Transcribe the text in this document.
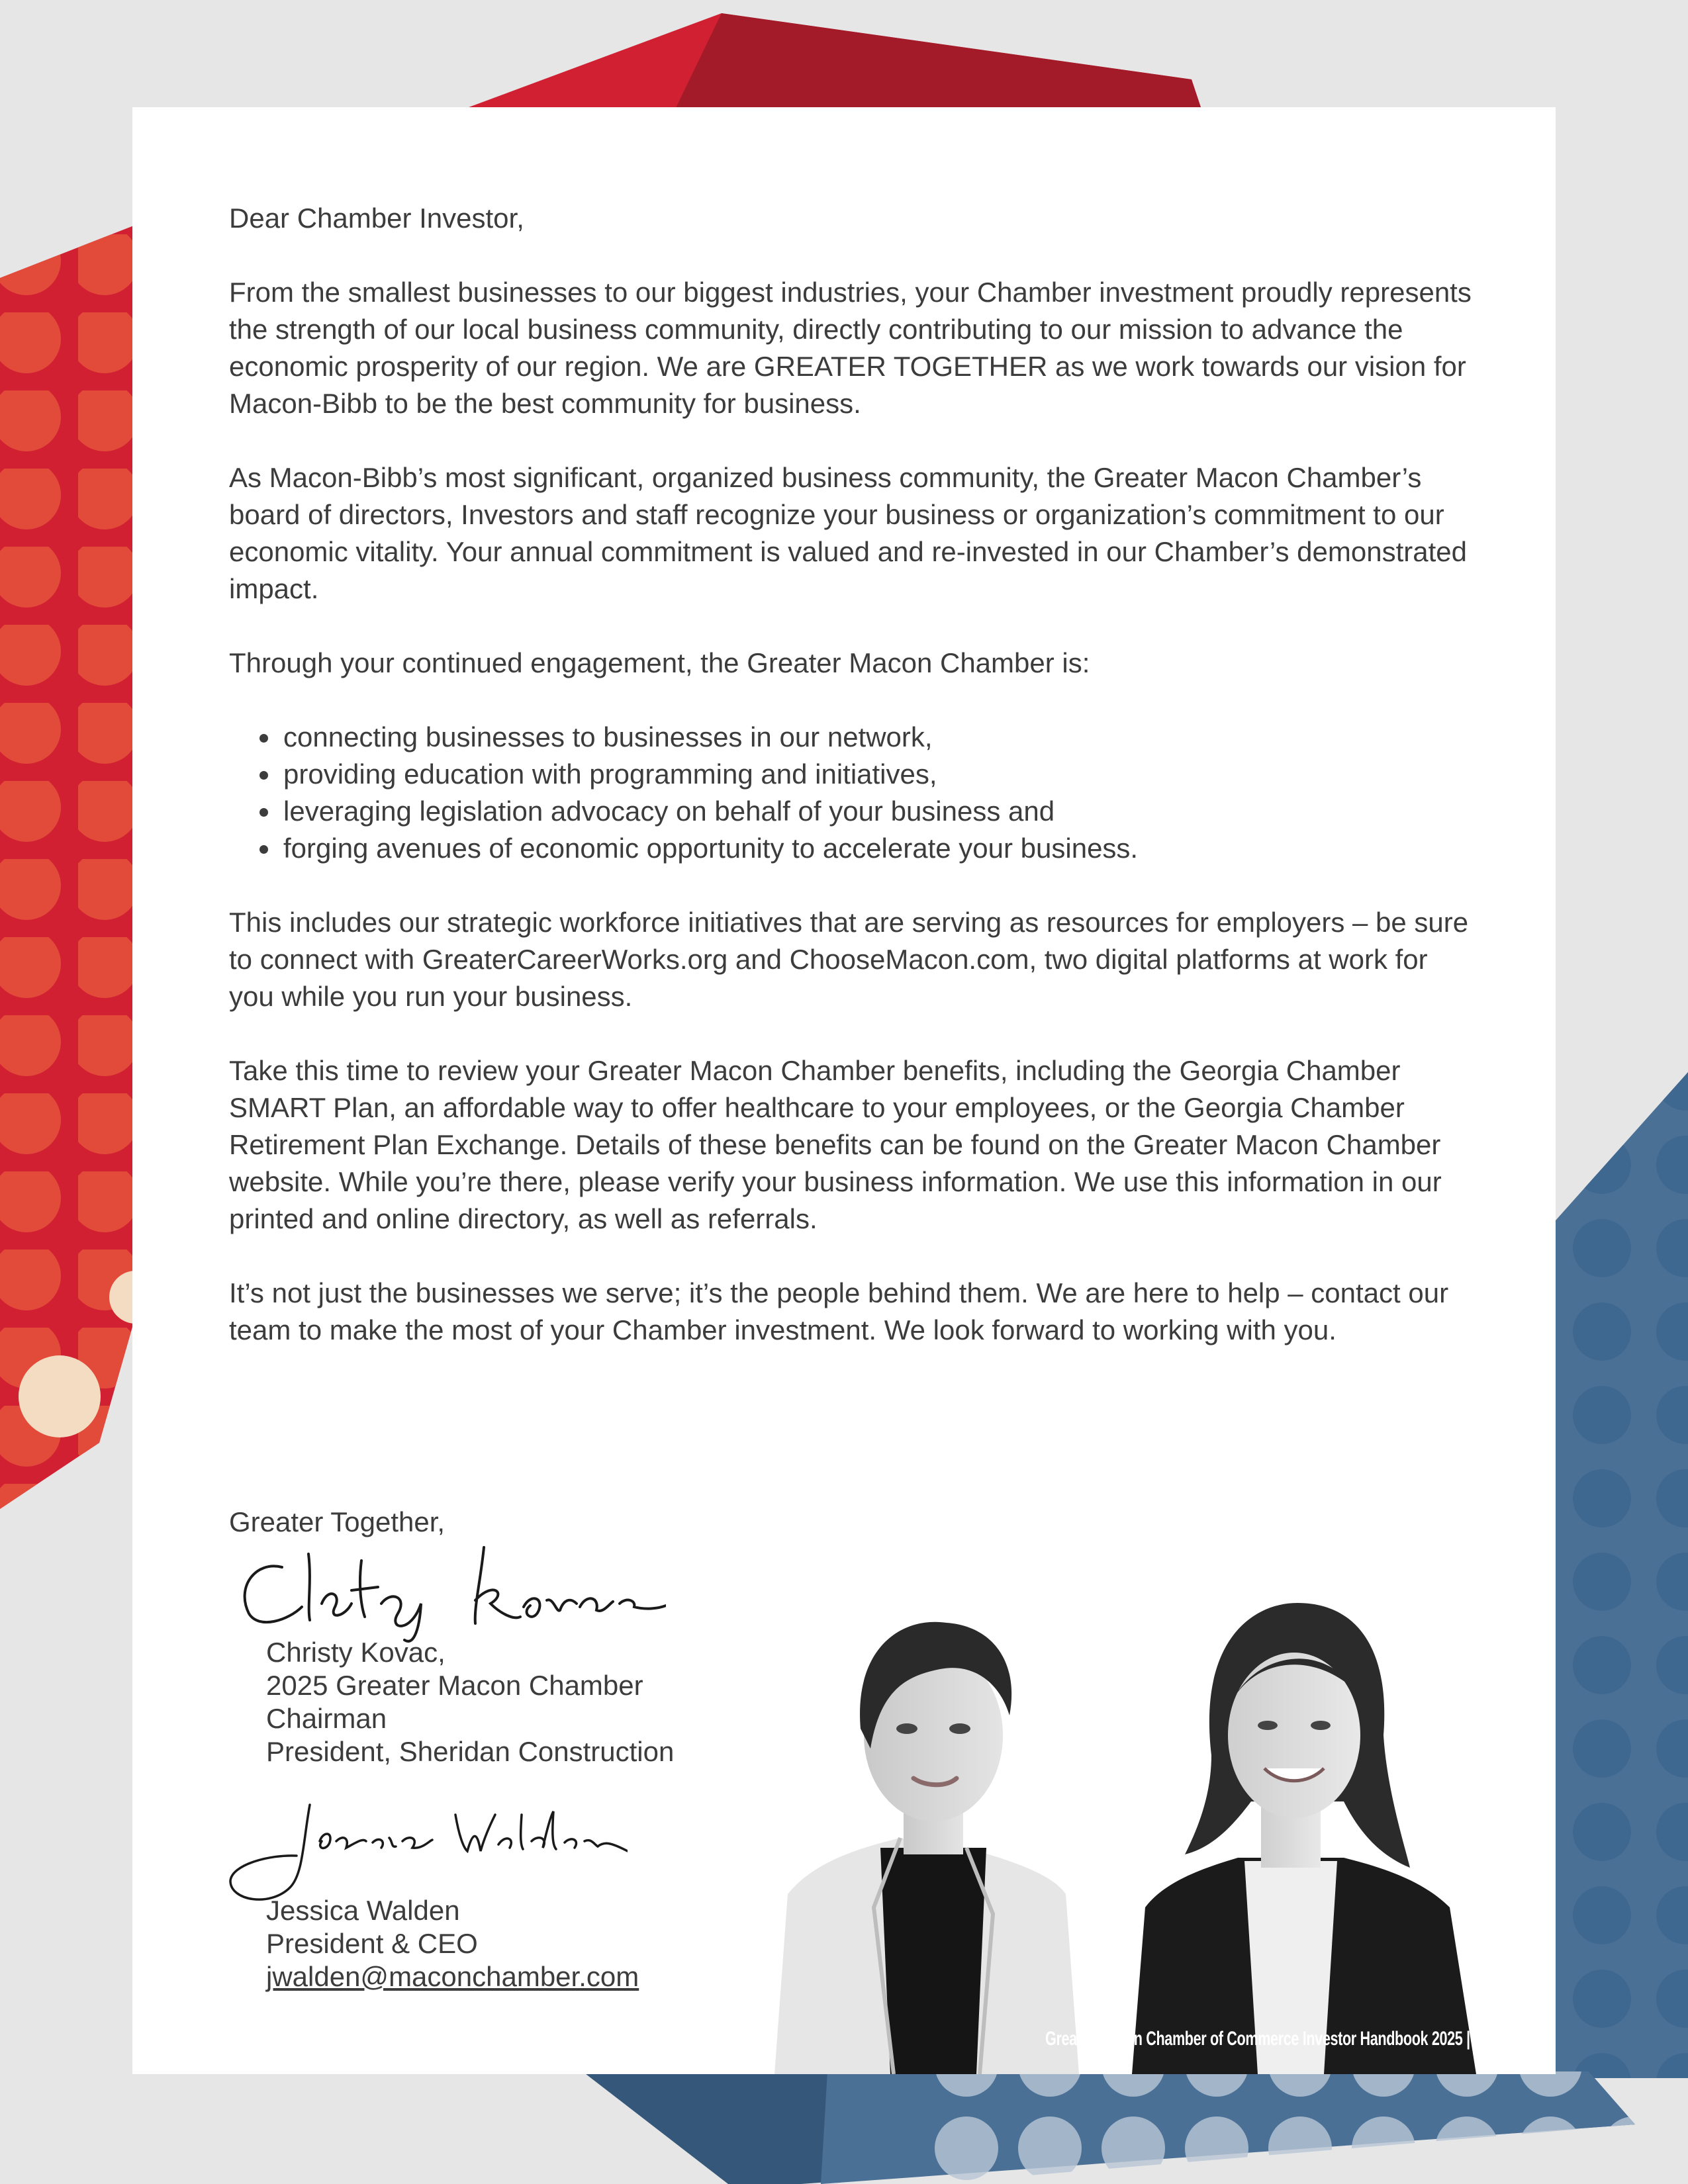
Dear Chamber Investor,

From the smallest businesses to our biggest industries, your Chamber investment proudly represents the strength of our local business community, directly contributing to our mission to advance the economic prosperity of our region. We are GREATER TOGETHER as we work towards our vision for Macon-Bibb to be the best community for business.

As Macon-Bibb’s most significant, organized business community, the Greater Macon Chamber’s board of directors, Investors and staff recognize your business or organization’s commitment to our economic vitality. Your annual commitment is valued and re-invested in our Chamber’s demonstrated impact.

Through your continued engagement, the Greater Macon Chamber is:

• connecting businesses to businesses in our network,
• providing education with programming and initiatives,
• leveraging legislation advocacy on behalf of your business and
• forging avenues of economic opportunity to accelerate your business.

This includes our strategic workforce initiatives that are serving as resources for employers – be sure to connect with GreaterCareerWorks.org and ChooseMacon.com, two digital platforms at work for you while you run your business.

Take this time to review your Greater Macon Chamber benefits, including the Georgia Chamber SMART Plan, an affordable way to offer healthcare to your employees, or the Georgia Chamber Retirement Plan Exchange. Details of these benefits can be found on the Greater Macon Chamber website. While you’re there, please verify your business information. We use this information in our printed and online directory, as well as referrals.

It’s not just the businesses we serve; it’s the people behind them. We are here to help – contact our team to make the most of your Chamber investment. We look forward to working with you.

Greater Together,
Christy Kovac,
2025 Greater Macon Chamber
Chairman
President, Sheridan Construction
Jessica Walden
President & CEO
jwalden@maconchamber.com
Greater Macon Chamber of Commerce Investor Handbook 2025 | Page 1
